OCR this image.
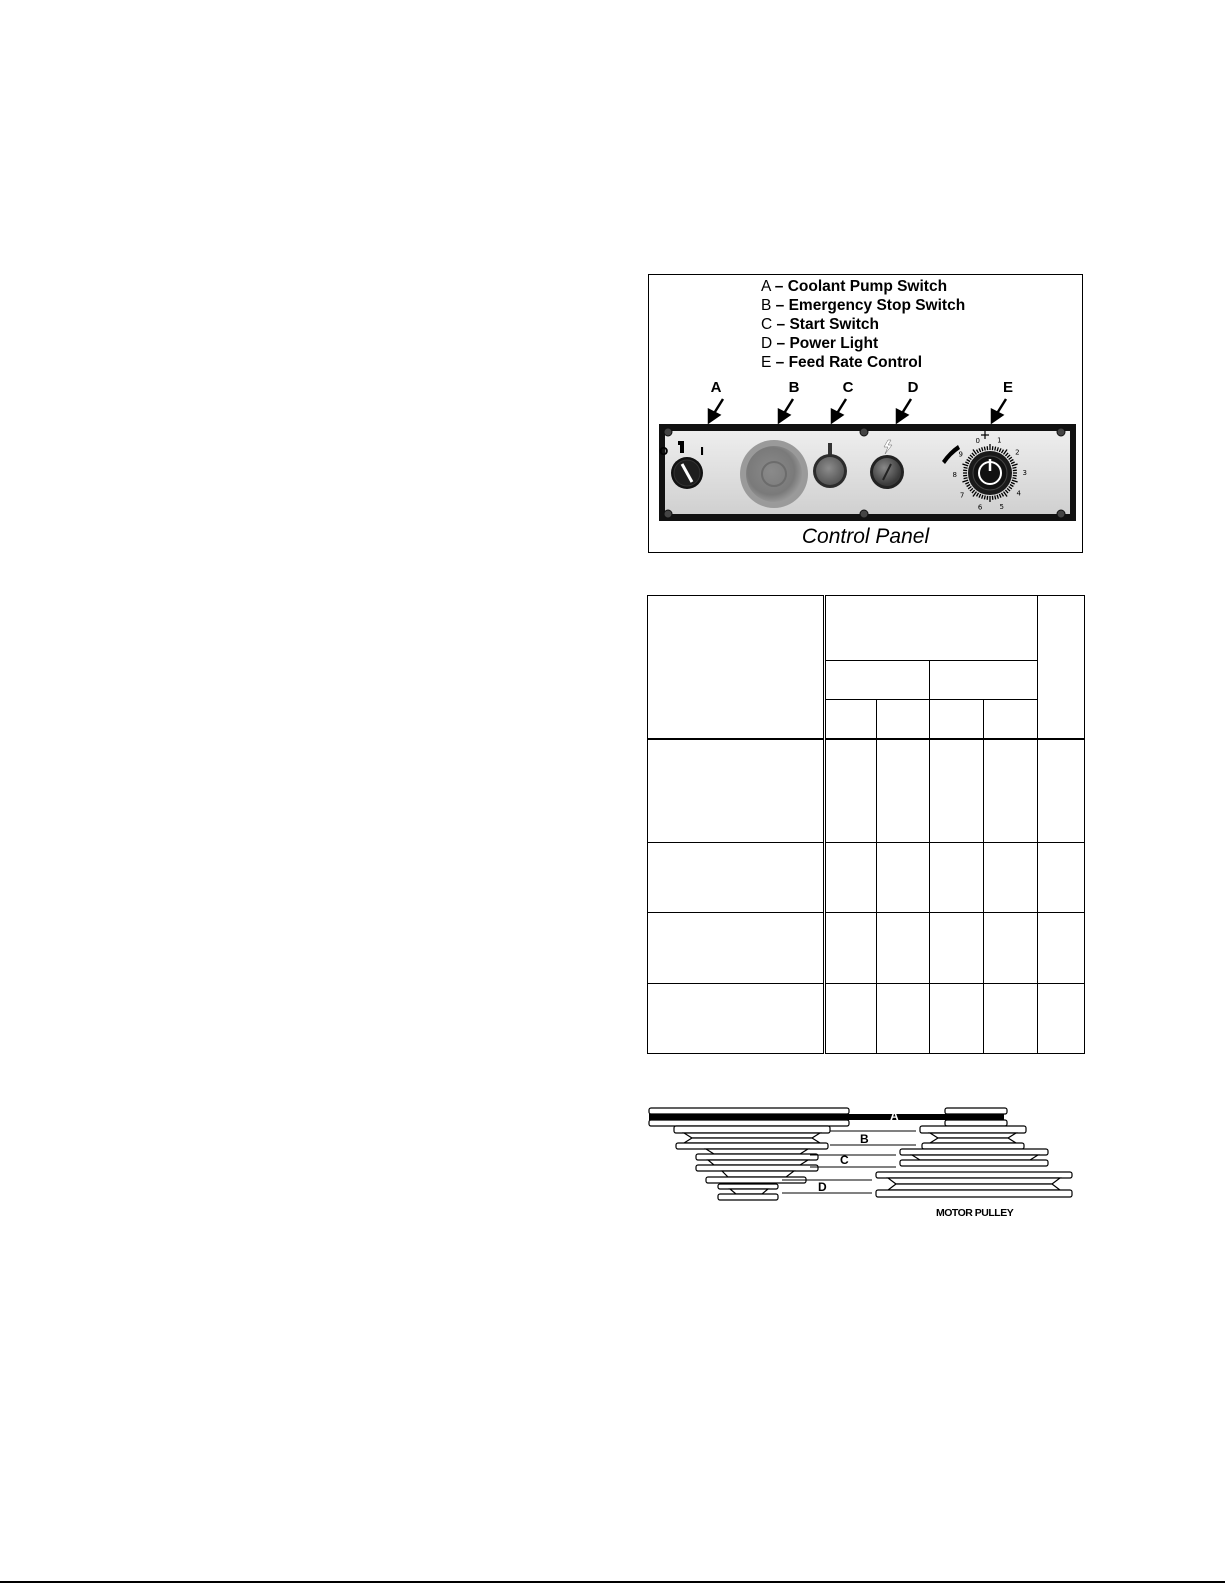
A – Coolant Pump Switch
B – Emergency Stop Switch
C – Start Switch
D – Power Light
E – Feed Rate Control
A	B	C	D	E
O	I
0 1
2
3
4
5
6
7
8
9
Control Panel

A
B
C
D
MOTOR PULLEY
